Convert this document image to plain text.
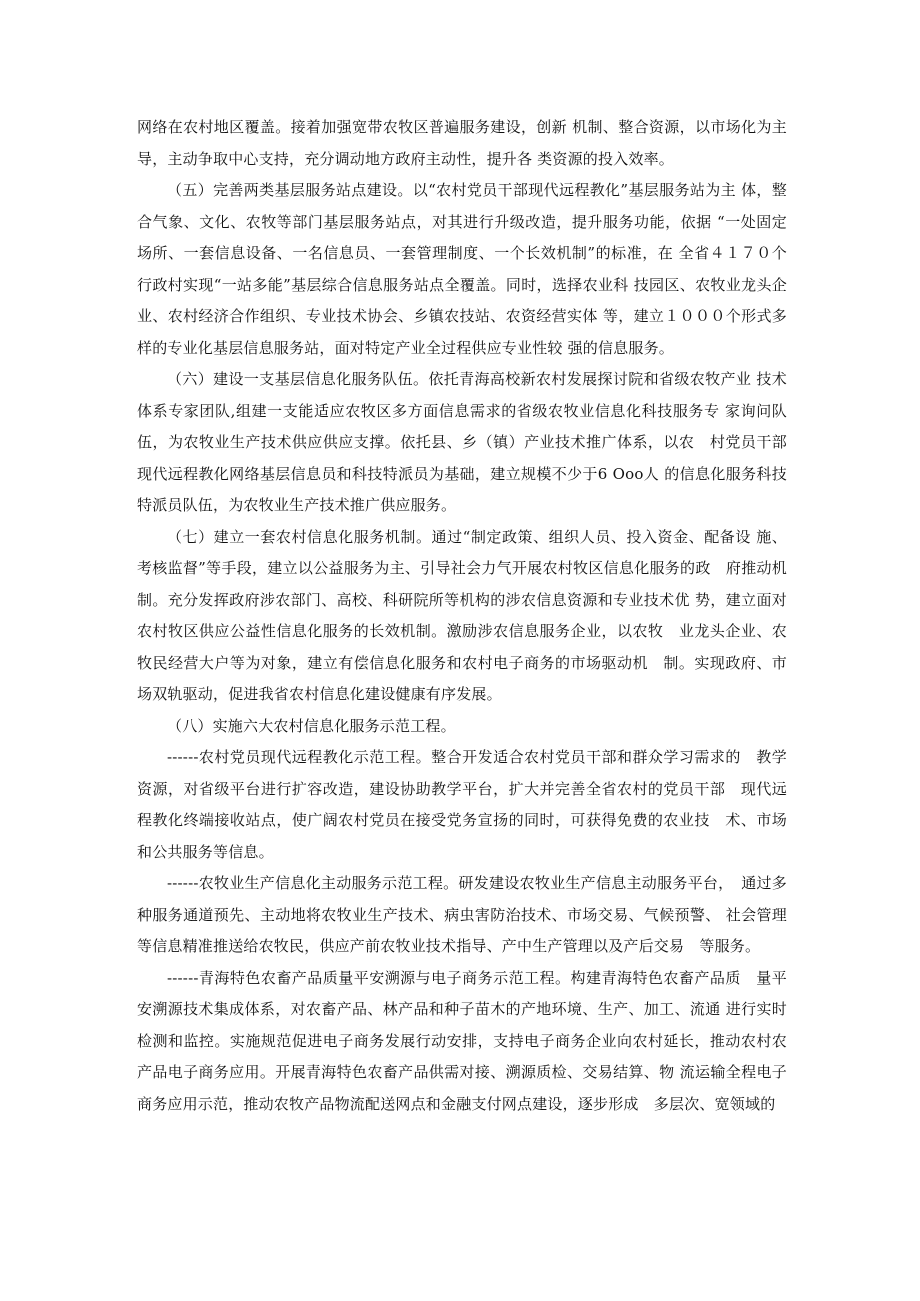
网络在农村地区覆盖。接着加强宽带农牧区普遍服务建设，创新 机制、整合资源，以市场化为主导，主动争取中心支持，充分调动地方政府主动性，提升各 类资源的投入效率。

（五）完善两类基层服务站点建设。以“农村党员干部现代远程教化”基层服务站为主 体，整合气象、文化、农牧等部门基层服务站点，对其进行升级改造，提升服务功能，依据 “一处固定场所、一套信息设备、一名信息员、一套管理制度、一个长效机制”的标准，在 全省４１７０个行政村实现“一站多能”基层综合信息服务站点全覆盖。同时，选择农业科 技园区、农牧业龙头企业、农村经济合作组织、专业技术协会、乡镇农技站、农资经营实体 等，建立１０００个形式多样的专业化基层信息服务站，面对特定产业全过程供应专业性较 强的信息服务。

（六）建设一支基层信息化服务队伍。依托青海高校新农村发展探讨院和省级农牧产业 技术体系专家团队,组建一支能适应农牧区多方面信息需求的省级农牧业信息化科技服务专 家询问队伍，为农牧业生产技术供应供应支撑。依托县、乡（镇）产业技术推广体系，以农　村党员干部现代远程教化网络基层信息员和科技特派员为基础，建立规模不少于6 Ooo人 的信息化服务科技特派员队伍，为农牧业生产技术推广供应服务。

（七）建立一套农村信息化服务机制。通过“制定政策、组织人员、投入资金、配备设 施、考核监督”等手段，建立以公益服务为主、引导社会力气开展农村牧区信息化服务的政　府推动机制。充分发挥政府涉农部门、高校、科研院所等机构的涉农信息资源和专业技术优 势，建立面对农村牧区供应公益性信息化服务的长效机制。激励涉农信息服务企业，以农牧　业龙头企业、农牧民经营大户等为对象，建立有偿信息化服务和农村电子商务的市场驱动机　制。实现政府、市场双轨驱动，促进我省农村信息化建设健康有序发展。

（八）实施六大农村信息化服务示范工程。

------农村党员现代远程教化示范工程。整合开发适合农村党员干部和群众学习需求的　教学资源，对省级平台进行扩容改造，建设协助教学平台，扩大并完善全省农村的党员干部　现代远程教化终端接收站点，使广阔农村党员在接受党务宣扬的同时，可获得免费的农业技　术、市场和公共服务等信息。

------农牧业生产信息化主动服务示范工程。研发建设农牧业生产信息主动服务平台，　通过多种服务通道预先、主动地将农牧业生产技术、病虫害防治技术、市场交易、气候预警、 社会管理等信息精准推送给农牧民，供应产前农牧业技术指导、产中生产管理以及产后交易　等服务。

------青海特色农畜产品质量平安溯源与电子商务示范工程。构建青海特色农畜产品质　量平安溯源技术集成体系，对农畜产品、林产品和种子苗木的产地环境、生产、加工、流通 进行实时检测和监控。实施规范促进电子商务发展行动安排，支持电子商务企业向农村延长，推动农村农产品电子商务应用。开展青海特色农畜产品供需对接、溯源质检、交易结算、物 流运输全程电子商务应用示范，推动农牧产品物流配送网点和金融支付网点建设，逐步形成　多层次、宽领域的
